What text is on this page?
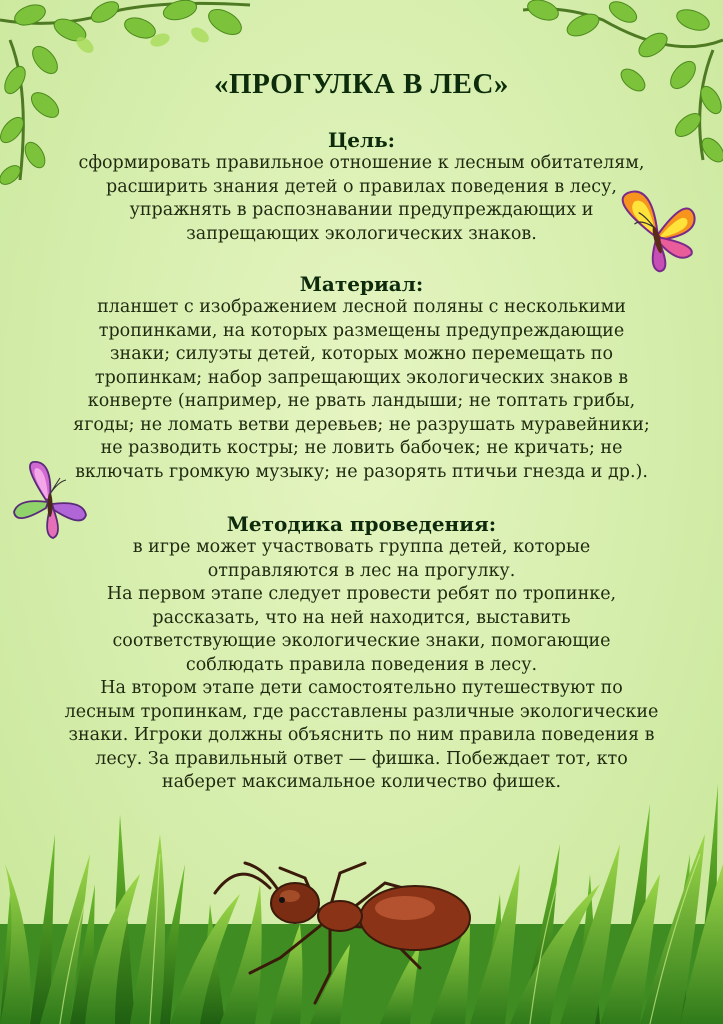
«ПРОГУЛКА В ЛЕС»
Цель:
сформировать правильное отношение к лесным обитателям,
расширить знания детей о правилах поведения в лесу,
упражнять в распознавании предупреждающих и
запрещающих экологических знаков.
Материал:
планшет с изображением лесной поляны с несколькими
тропинками, на которых размещены предупреждающие
знаки; силуэты детей, которых можно перемещать по
тропинкам; набор запрещающих экологических знаков в
конверте (например, не рвать ландыши; не топтать грибы,
ягоды; не ломать ветви деревьев; не разрушать муравейники;
не разводить костры; не ловить бабочек; не кричать; не
включать громкую музыку; не разорять птичьи гнезда и др.).
Методика проведения:
в игре может участвовать группа детей, которые
отправляются в лес на прогулку.
На первом этапе следует провести ребят по тропинке,
рассказать, что на ней находится, выставить
соответствующие экологические знаки, помогающие
соблюдать правила поведения в лесу.
На втором этапе дети самостоятельно путешествуют по
лесным тропинкам, где расставлены различные экологические
знаки. Игроки должны объяснить по ним правила поведения в
лесу. За правильный ответ — фишка. Побеждает тот, кто
наберет максимальное количество фишек.
